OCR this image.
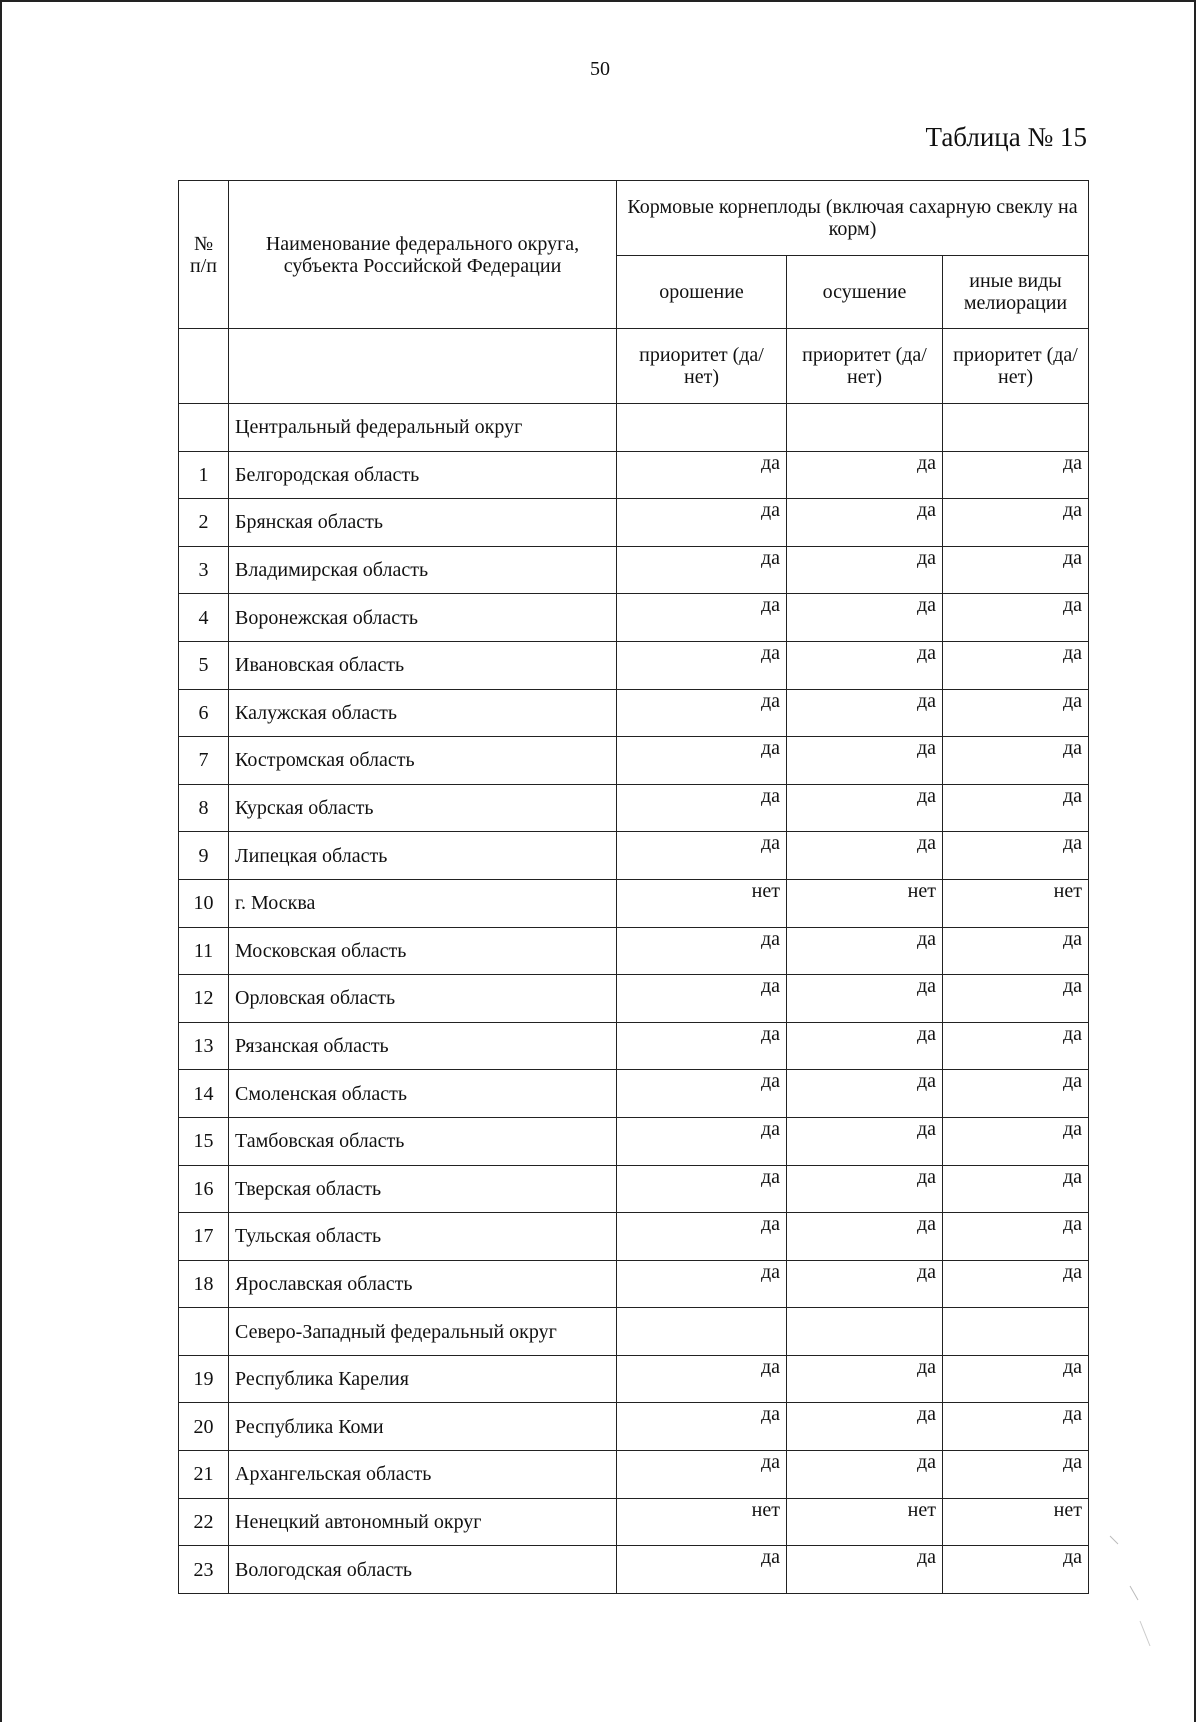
50
Таблица № 15
№ п/п	Наименование федерального округа, субъекта Российской Федерации	Кормовые корнеплоды (включая сахарную свеклу на корм)		
		орошение	осушение	иные виды мелиорации
		приоритет (да/нет)	приоритет (да/нет)	приоритет (да/нет)
	Центральный федеральный округ			
1	Белгородская область	да	да	да
2	Брянская область	да	да	да
3	Владимирская область	да	да	да
4	Воронежская область	да	да	да
5	Ивановская область	да	да	да
6	Калужская область	да	да	да
7	Костромская область	да	да	да
8	Курская область	да	да	да
9	Липецкая область	да	да	да
10	г. Москва	нет	нет	нет
11	Московская область	да	да	да
12	Орловская область	да	да	да
13	Рязанская область	да	да	да
14	Смоленская область	да	да	да
15	Тамбовская область	да	да	да
16	Тверская область	да	да	да
17	Тульская область	да	да	да
18	Ярославская область	да	да	да
	Северо-Западный федеральный округ			
19	Республика Карелия	да	да	да
20	Республика Коми	да	да	да
21	Архангельская область	да	да	да
22	Ненецкий автономный округ	нет	нет	нет
23	Вологодская область	да	да	да
